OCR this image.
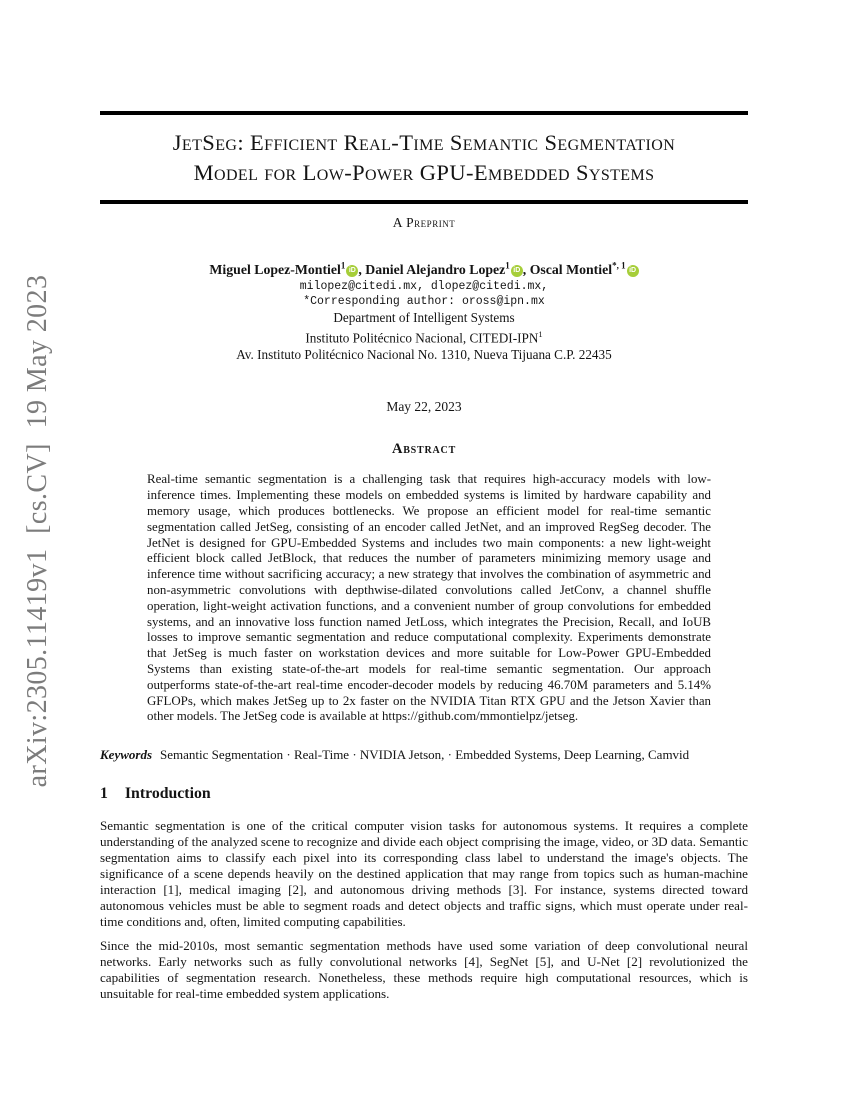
arXiv:2305.11419v1  [cs.CV]  19 May 2023
JetSeg: Efficient Real-Time Semantic Segmentation
Model for Low-Power GPU-Embedded Systems
A Preprint
Miguel Lopez-Montiel$^1$iD , Daniel Alejandro Lopez$^1$iD , Oscal Montiel$^{*, 1}$iD
milopez@citedi.mx, dlopez@citedi.mx,
*Corresponding author: oross@ipn.mx
Department of Intelligent Systems
Instituto Politécnico Nacional, CITEDI-IPN$^1$
Av. Instituto Politécnico Nacional No. 1310, Nueva Tijuana C.P. 22435
May 22, 2023
Abstract
Real-time semantic segmentation is a challenging task that requires high-accuracy models with low-inference times. Implementing these models on embedded systems is limited by hardware capability and memory usage, which produces bottlenecks. We propose an efficient model for real-time semantic segmentation called JetSeg, consisting of an encoder called JetNet, and an improved RegSeg decoder. The JetNet is designed for GPU-Embedded Systems and includes two main components: a new light-weight efficient block called JetBlock, that reduces the number of parameters minimizing memory usage and inference time without sacrificing accuracy; a new strategy that involves the combination of asymmetric and non-asymmetric convolutions with depthwise-dilated convolutions called JetConv, a channel shuffle operation, light-weight activation functions, and a convenient number of group convolutions for embedded systems, and an innovative loss function named JetLoss, which integrates the Precision, Recall, and IoUB losses to improve semantic segmentation and reduce computational complexity. Experiments demonstrate that JetSeg is much faster on workstation devices and more suitable for Low-Power GPU-Embedded Systems than existing state-of-the-art models for real-time semantic segmentation. Our approach outperforms state-of-the-art real-time encoder-decoder models by reducing 46.70M parameters and 5.14% GFLOPs, which makes JetSeg up to 2x faster on the NVIDIA Titan RTX GPU and the Jetson Xavier than other models. The JetSeg code is available at https://github.com/mmontielpz/jetseg.
Keywords Semantic Segmentation · Real-Time · NVIDIA Jetson, · Embedded Systems, Deep Learning, Camvid
1 Introduction
Semantic segmentation is one of the critical computer vision tasks for autonomous systems. It requires a complete understanding of the analyzed scene to recognize and divide each object comprising the image, video, or 3D data. Semantic segmentation aims to classify each pixel into its corresponding class label to understand the image's objects. The significance of a scene depends heavily on the destined application that may range from topics such as human-machine interaction [1], medical imaging [2], and autonomous driving methods [3]. For instance, systems directed toward autonomous vehicles must be able to segment roads and detect objects and traffic signs, which must operate under real-time conditions and, often, limited computing capabilities.
Since the mid-2010s, most semantic segmentation methods have used some variation of deep convolutional neural networks. Early networks such as fully convolutional networks [4], SegNet [5], and U-Net [2] revolutionized the capabilities of segmentation research. Nonetheless, these methods require high computational resources, which is unsuitable for real-time embedded system applications.
